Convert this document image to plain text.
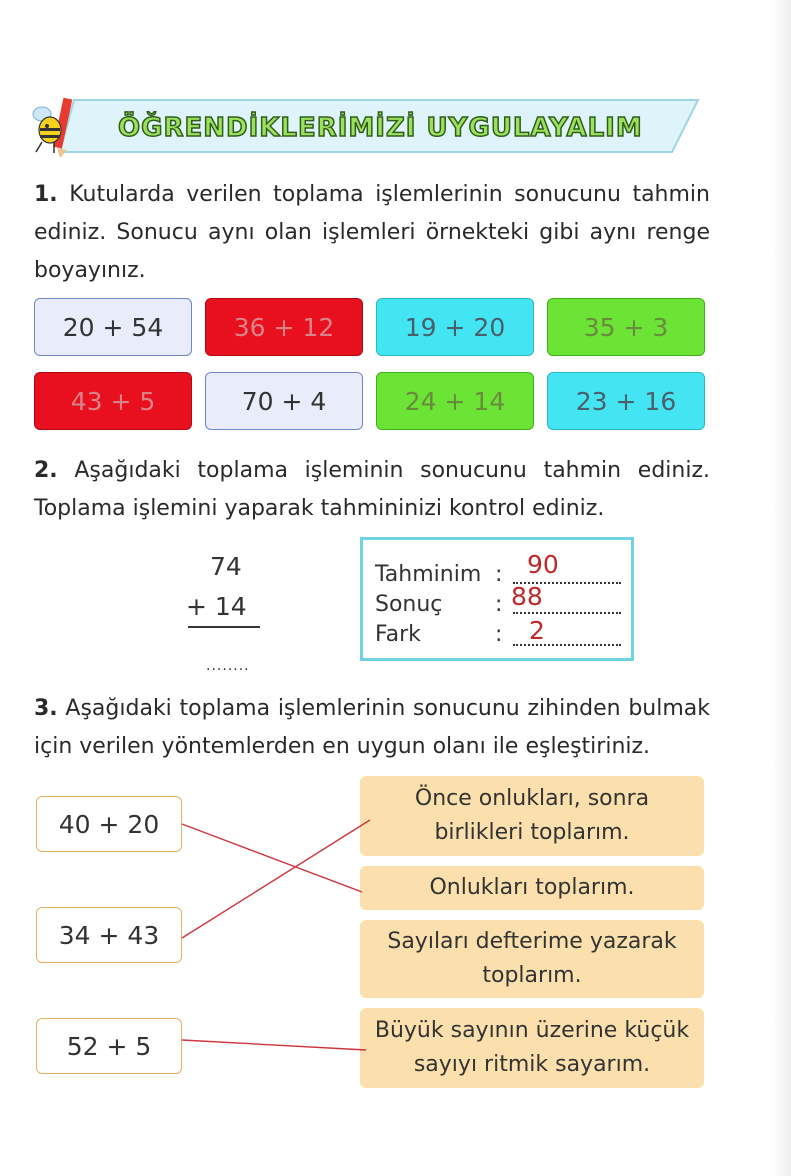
ÖĞRENDİKLERİMİZİ UYGULAYALIM
1. Kutularda verilen toplama işlemlerinin sonucunu tahmin ediniz. Sonucu aynı olan işlemleri örnekteki gibi aynı renge boyayınız.
20 + 54	36 + 12	19 + 20	35 + 3
43 + 5	70 + 4	24 + 14	23 + 16
2. Aşağıdaki toplama işleminin sonucunu tahmin ediniz. Toplama işlemini yaparak tahmininizi kontrol ediniz.
74
+ 14
........
Tahminim : 90
Sonuç : 88
Fark	: 2
3. Aşağıdaki toplama işlemlerinin sonucunu zihinden bulmak için verilen yöntemlerden en uygun olanı ile eşleştiriniz.
40 + 20
34 + 43
52 + 5
Önce onlukları, sonra birlikleri toplarım.
Onlukları toplarım.
Sayıları defterime yazarak toplarım.
Büyük sayının üzerine küçük sayıyı ritmik sayarım.
